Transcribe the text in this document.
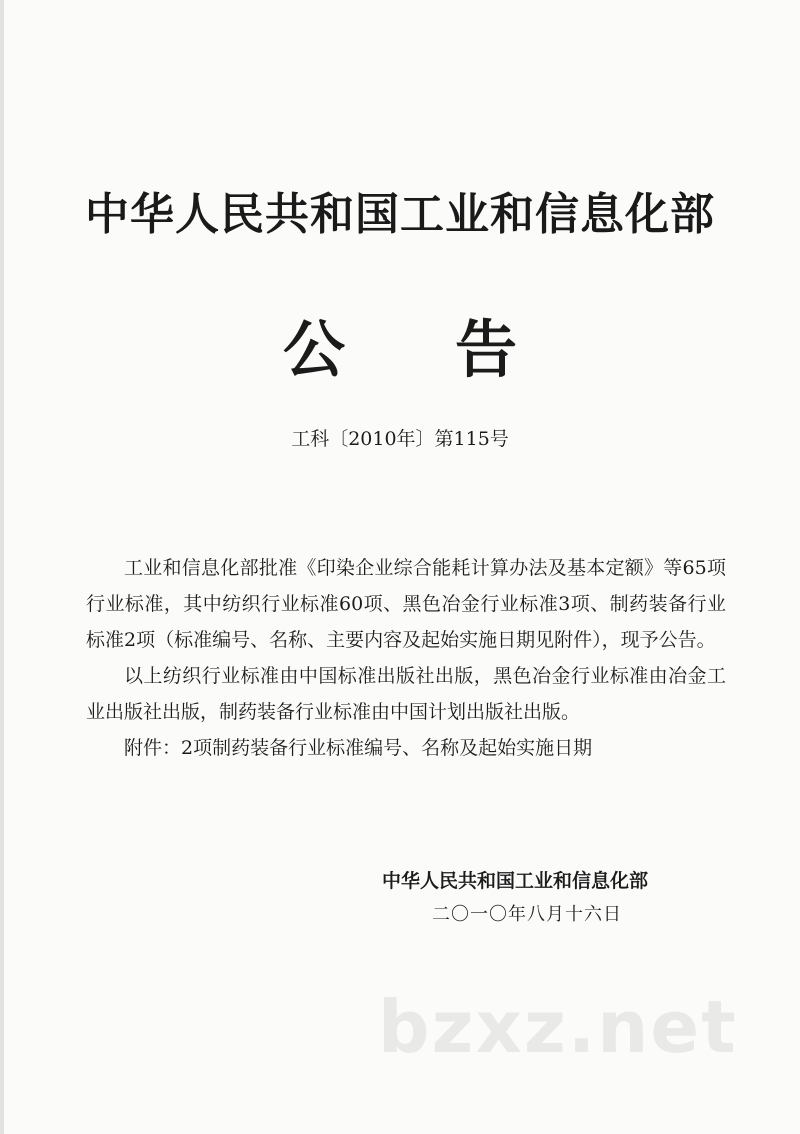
中华人民共和国工业和信息化部
公告
工科〔2010年〕第115号

工业和信息化部批准《印染企业综合能耗计算办法及基本定额》等65项行业标准，其中纺织行业标准60项、黑色冶金行业标准3项、制药装备行业标准2项（标准编号、名称、主要内容及起始实施日期见附件），现予公告。

以上纺织行业标准由中国标准出版社出版，黑色冶金行业标准由冶金工业出版社出版，制药装备行业标准由中国计划出版社出版。

附件：2项制药装备行业标准编号、名称及起始实施日期

中华人民共和国工业和信息化部
二〇一〇年八月十六日
bzxz.net
